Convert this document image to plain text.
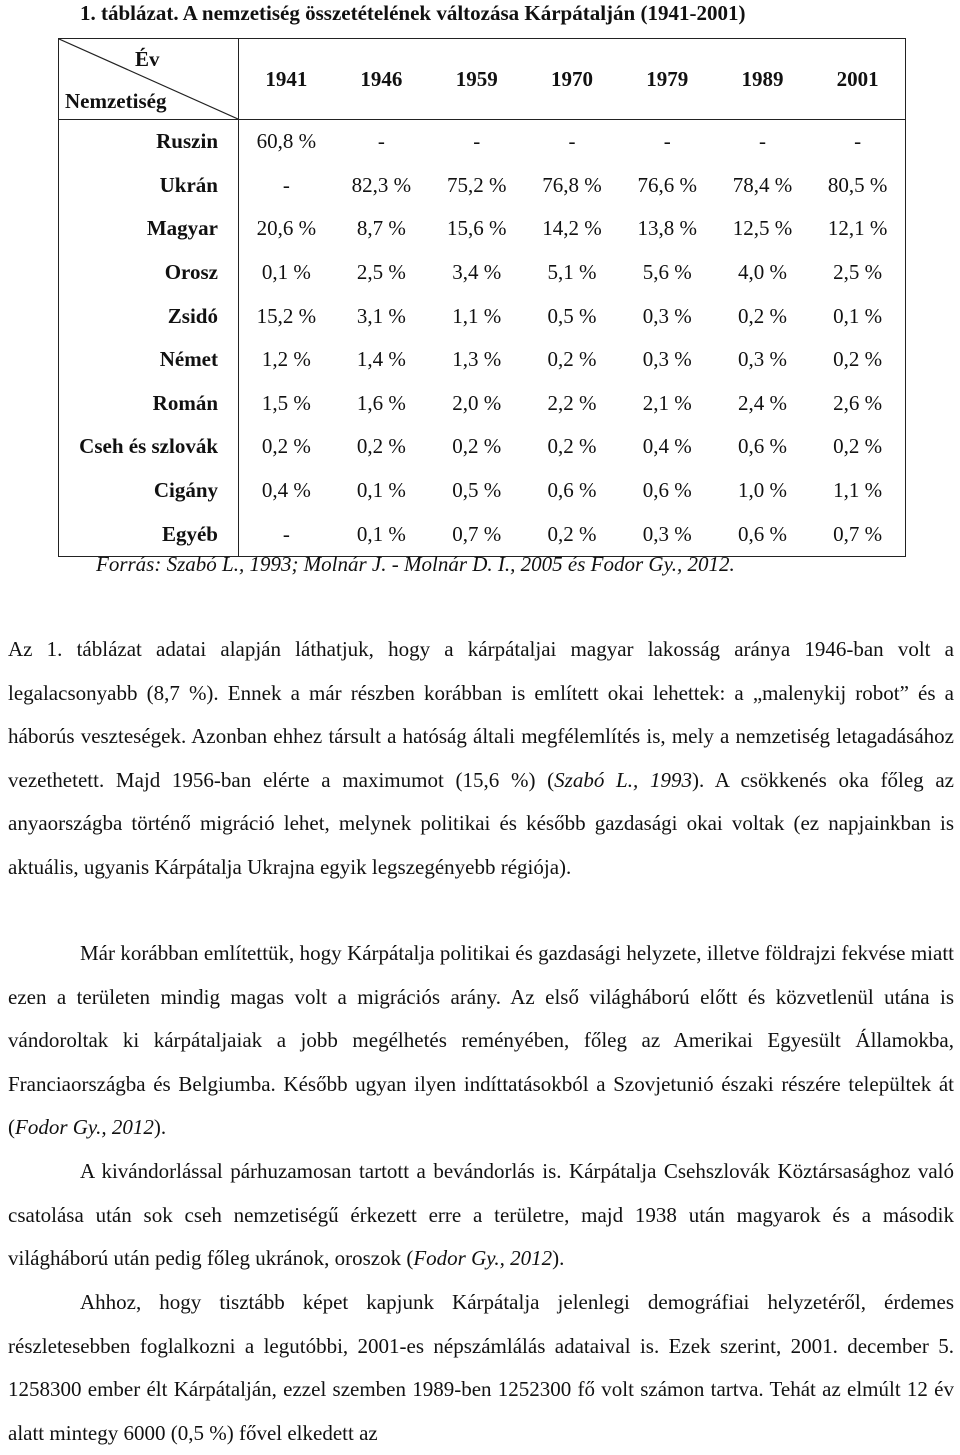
1. táblázat. A nemzetiség összetételének változása Kárpátalján (1941-2001)
Év
Nemzetiség	1941	1946	1959	1970	1979	1989	2001
Ruszin	60,8 %	-	-	-	-	-	-
Ukrán	-	82,3 %	75,2 %	76,8 %	76,6 %	78,4 %	80,5 %
Magyar	20,6 %	8,7 %	15,6 %	14,2 %	13,8 %	12,5 %	12,1 %
Orosz	0,1 %	2,5 %	3,4 %	5,1 %	5,6 %	4,0 %	2,5 %
Zsidó	15,2 %	3,1 %	1,1 %	0,5 %	0,3 %	0,2 %	0,1 %
Német	1,2 %	1,4 %	1,3 %	0,2 %	0,3 %	0,3 %	0,2 %
Román	1,5 %	1,6 %	2,0 %	2,2 %	2,1 %	2,4 %	2,6 %
Cseh és szlovák	0,2 %	0,2 %	0,2 %	0,2 %	0,4 %	0,6 %	0,2 %
Cigány	0,4 %	0,1 %	0,5 %	0,6 %	0,6 %	1,0 %	1,1 %
Egyéb	-	0,1 %	0,7 %	0,2 %	0,3 %	0,6 %	0,7 %
Forrás: Szabó L., 1993; Molnár J. - Molnár D. I., 2005 és Fodor Gy., 2012.

Az 1. táblázat adatai alapján láthatjuk, hogy a kárpátaljai magyar lakosság aránya 1946-ban volt a legalacsonyabb (8,7 %). Ennek a már részben korábban is említett okai lehettek: a „malenykij robot” és a háborús veszteségek. Azonban ehhez társult a hatóság általi megfélemlítés is, mely a nemzetiség letagadásához vezethetett. Majd 1956-ban elérte a maximumot (15,6 %) (Szabó L., 1993). A csökkenés oka főleg az anyaországba történő migráció lehet, melynek politikai és később gazdasági okai voltak (ez napjainkban is aktuális, ugyanis Kárpátalja Ukrajna egyik legszegényebb régiója).

Már korábban említettük, hogy Kárpátalja politikai és gazdasági helyzete, illetve földrajzi fekvése miatt ezen a területen mindig magas volt a migrációs arány. Az első világháború előtt és közvetlenül utána is vándoroltak ki kárpátaljaiak a jobb megélhetés reményében, főleg az Amerikai Egyesült Államokba, Franciaországba és Belgiumba. Később ugyan ilyen indíttatásokból a Szovjetunió északi részére települtek át (Fodor Gy., 2012).

A kivándorlással párhuzamosan tartott a bevándorlás is. Kárpátalja Csehszlovák Köztársasághoz való csatolása után sok cseh nemzetiségű érkezett erre a területre, majd 1938 után magyarok és a második világháború után pedig főleg ukránok, oroszok (Fodor Gy., 2012).

Ahhoz, hogy tisztább képet kapjunk Kárpátalja jelenlegi demográfiai helyzetéről, érdemes részletesebben foglalkozni a legutóbbi, 2001-es népszámlálás adataival is. Ezek szerint, 2001. december 5. 1258300 ember élt Kárpátalján, ezzel szemben 1989-ben 1252300 fő volt számon tartva. Tehát az elmúlt 12 év alatt mintegy 6000 (0,5 %) fővel elkedett az
